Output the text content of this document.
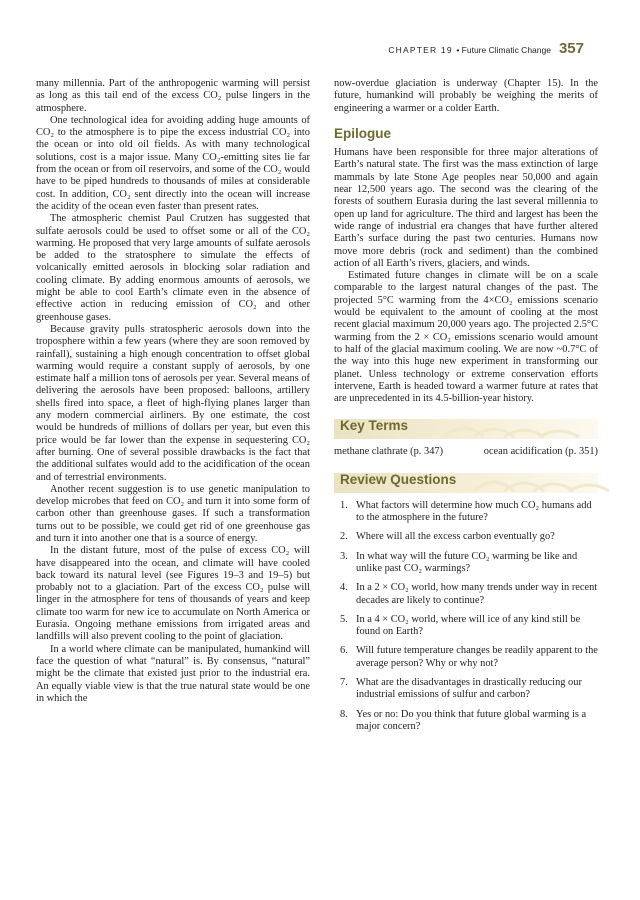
CHAPTER 19 • Future Climatic Change 357

many millennia. Part of the anthropogenic warming will persist as long as this tail end of the excess CO₂ pulse lingers in the atmosphere.

One technological idea for avoiding adding huge amounts of CO₂ to the atmosphere is to pipe the excess industrial CO₂ into the ocean or into old oil fields. As with many technological solutions, cost is a major issue. Many CO₂-emitting sites lie far from the ocean or from oil reservoirs, and some of the CO₂ would have to be piped hundreds to thousands of miles at considerable cost. In addition, CO₂ sent directly into the ocean will increase the acidity of the ocean even faster than present rates.

The atmospheric chemist Paul Crutzen has suggested that sulfate aerosols could be used to offset some or all of the CO₂ warming. He proposed that very large amounts of sulfate aerosols be added to the stratosphere to simulate the effects of volcanically emitted aerosols in blocking solar radiation and cooling climate. By adding enormous amounts of aerosols, we might be able to cool Earth’s climate even in the absence of effective action in reducing emission of CO₂ and other greenhouse gases.

Because gravity pulls stratospheric aerosols down into the troposphere within a few years (where they are soon removed by rainfall), sustaining a high enough concentration to offset global warming would require a constant supply of aerosols, by one estimate half a million tons of aerosols per year. Several means of delivering the aerosols have been proposed: balloons, artillery shells fired into space, a fleet of high-flying planes larger than any modern commercial airliners. By one estimate, the cost would be hundreds of millions of dollars per year, but even this price would be far lower than the expense in sequestering CO₂ after burning. One of several possible drawbacks is the fact that the additional sulfates would add to the acidification of the ocean and of terrestrial environments.

Another recent suggestion is to use genetic manipulation to develop microbes that feed on CO₂ and turn it into some form of carbon other than greenhouse gases. If such a transformation turns out to be possible, we could get rid of one greenhouse gas and turn it into another one that is a source of energy.

In the distant future, most of the pulse of excess CO₂ will have disappeared into the ocean, and climate will have cooled back toward its natural level (see Figures 19–3 and 19–5) but probably not to a glaciation. Part of the excess CO₂ pulse will linger in the atmosphere for tens of thousands of years and keep climate too warm for new ice to accumulate on North America or Eurasia. Ongoing methane emissions from irrigated areas and landfills will also prevent cooling to the point of glaciation.

In a world where climate can be manipulated, humankind will face the question of what “natural” is. By consensus, “natural” might be the climate that existed just prior to the industrial era. An equally viable view is that the true natural state would be one in which the

now-overdue glaciation is underway (Chapter 15). In the future, humankind will probably be weighing the merits of engineering a warmer or a colder Earth.

Epilogue

Humans have been responsible for three major alterations of Earth’s natural state. The first was the mass extinction of large mammals by late Stone Age peoples near 50,000 and again near 12,500 years ago. The second was the clearing of the forests of southern Eurasia during the last several millennia to open up land for agriculture. The third and largest has been the wide range of industrial era changes that have further altered Earth’s surface during the past two centuries. Humans now move more debris (rock and sediment) than the combined action of all Earth’s rivers, glaciers, and winds.

Estimated future changes in climate will be on a scale comparable to the largest natural changes of the past. The projected 5°C warming from the 4×CO₂ emissions scenario would be equivalent to the amount of cooling at the most recent glacial maximum 20,000 years ago. The projected 2.5°C warming from the 2 × CO₂ emissions scenario would amount to half of the glacial maximum cooling. We are now ~0.7°C of the way into this huge new experiment in transforming our planet. Unless technology or extreme conservation efforts intervene, Earth is headed toward a warmer future at rates that are unprecedented in its 4.5-billion-year history.

Key Terms
methane clathrate (p. 347)	ocean acidification (p. 351)
Review Questions
1. What factors will determine how much CO₂ humans add to the atmosphere in the future?
2. Where will all the excess carbon eventually go?
3. In what way will the future CO₂ warming be like and unlike past CO₂ warmings?
4. In a 2 × CO₂ world, how many trends under way in recent decades are likely to continue?
5. In a 4 × CO₂ world, where will ice of any kind still be found on Earth?
6. Will future temperature changes be readily apparent to the average person? Why or why not?
7. What are the disadvantages in drastically reducing our industrial emissions of sulfur and carbon?
8. Yes or no: Do you think that future global warming is a major concern?
